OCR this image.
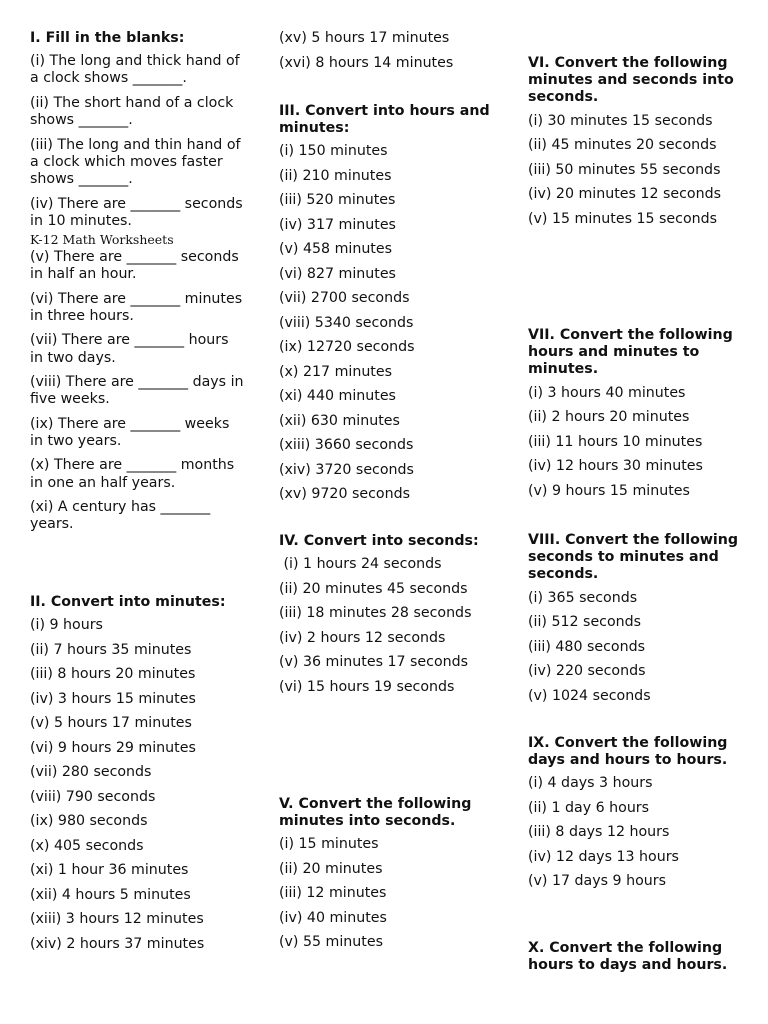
I. Fill in the blanks:
(i) The long and thick hand of a clock shows _______.
(ii) The short hand of a clock shows _______.
(iii) The long and thin hand of a clock which moves faster shows _______.
(iv) There are _______ seconds in 10 minutes.
K-12 Math Worksheets
(v) There are _______ seconds in half an hour.
(vi) There are _______ minutes in three hours.
(vii) There are _______ hours in two days.
(viii) There are _______ days in five weeks.
(ix) There are _______ weeks in two years.
(x) There are _______ months in one an half years.
(xi) A century has _______ years.
II. Convert into minutes:
(i) 9 hours
(ii) 7 hours 35 minutes
(iii) 8 hours 20 minutes
(iv) 3 hours 15 minutes
(v) 5 hours 17 minutes
(vi) 9 hours 29 minutes
(vii) 280 seconds
(viii) 790 seconds
(ix) 980 seconds
(x) 405 seconds
(xi) 1 hour 36 minutes
(xii) 4 hours 5 minutes
(xiii) 3 hours 12 minutes
(xiv) 2 hours 37 minutes
(xv) 5 hours 17 minutes
(xvi) 8 hours 14 minutes
III. Convert into hours and minutes:
(i) 150 minutes
(ii) 210 minutes
(iii) 520 minutes
(iv) 317 minutes
(v) 458 minutes
(vi) 827 minutes
(vii) 2700 seconds
(viii) 5340 seconds
(ix) 12720 seconds
(x) 217 minutes
(xi) 440 minutes
(xii) 630 minutes
(xiii) 3660 seconds
(xiv) 3720 seconds
(xv) 9720 seconds
IV. Convert into seconds:
(i) 1 hours 24 seconds
(ii) 20 minutes 45 seconds
(iii) 18 minutes 28 seconds
(iv) 2 hours 12 seconds
(v) 36 minutes 17 seconds
(vi) 15 hours 19 seconds
V. Convert the following minutes into seconds.
(i) 15 minutes
(ii) 20 minutes
(iii) 12 minutes
(iv) 40 minutes
(v) 55 minutes
VI. Convert the following minutes and seconds into seconds.
(i) 30 minutes 15 seconds
(ii) 45 minutes 20 seconds
(iii) 50 minutes 55 seconds
(iv) 20 minutes 12 seconds
(v) 15 minutes 15 seconds
VII. Convert the following hours and minutes to minutes.
(i) 3 hours 40 minutes
(ii) 2 hours 20 minutes
(iii) 11 hours 10 minutes
(iv) 12 hours 30 minutes
(v) 9 hours 15 minutes
VIII. Convert the following seconds to minutes and seconds.
(i) 365 seconds
(ii) 512 seconds
(iii) 480 seconds
(iv) 220 seconds
(v) 1024 seconds
IX. Convert the following days and hours to hours.
(i) 4 days 3 hours
(ii) 1 day 6 hours
(iii) 8 days 12 hours
(iv) 12 days 13 hours
(v) 17 days 9 hours
X. Convert the following hours to days and hours.
